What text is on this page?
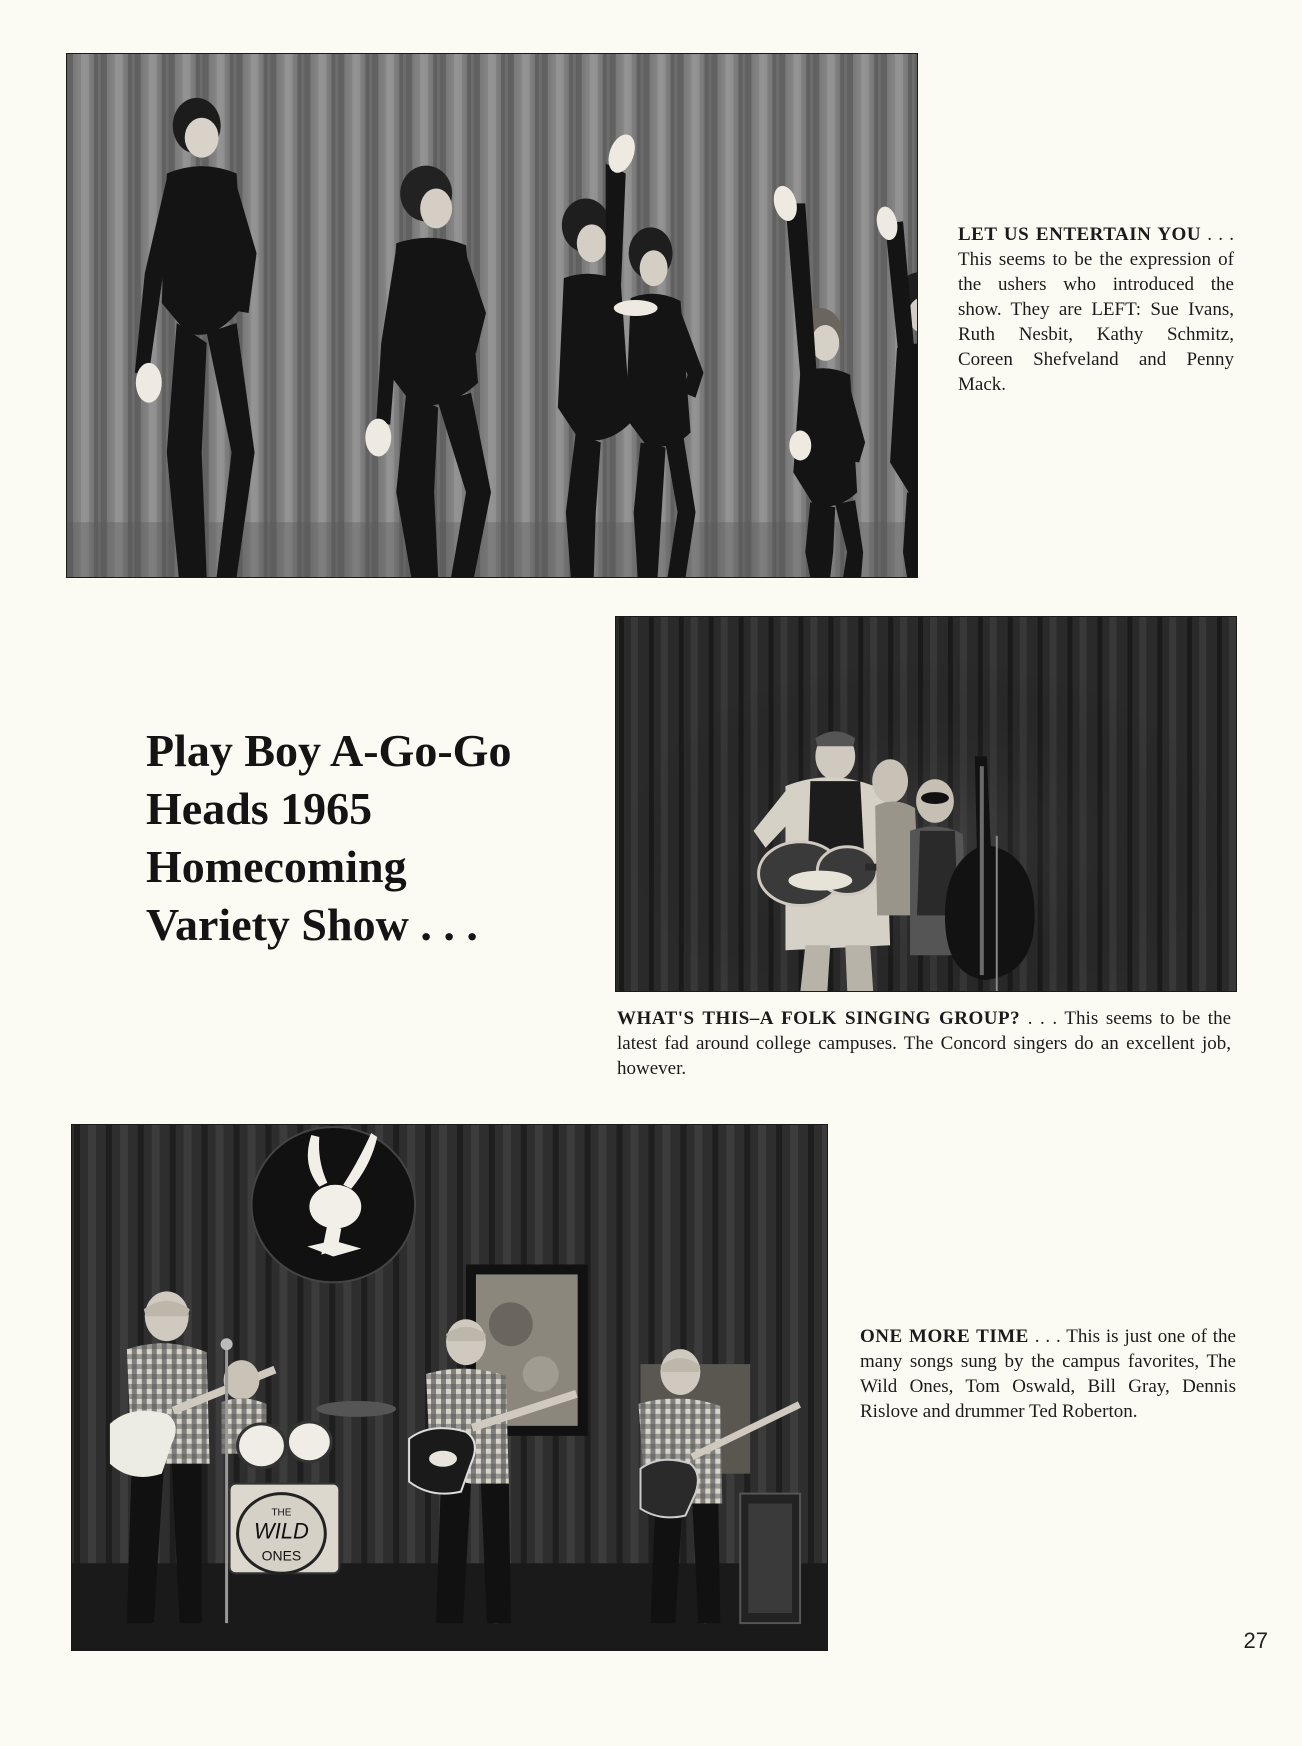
LET US ENTERTAIN YOU . . . This seems to be the expression of the ushers who introduced the show. They are LEFT: Sue Ivans, Ruth Nesbit, Kathy Schmitz, Coreen Shefveland and Penny Mack.
Play Boy A-Go-Go
Heads 1965
Homecoming
Variety Show . . .
WHAT'S THIS–A FOLK SINGING GROUP? . . . This seems to be the latest fad around college campuses. The Concord singers do an excellent job, however.
THE
WILD
ONES
ONE MORE TIME . . . This is just one of the many songs sung by the campus favorites, The Wild Ones, Tom Oswald, Bill Gray, Dennis Rislove and drummer Ted Roberton.
27
